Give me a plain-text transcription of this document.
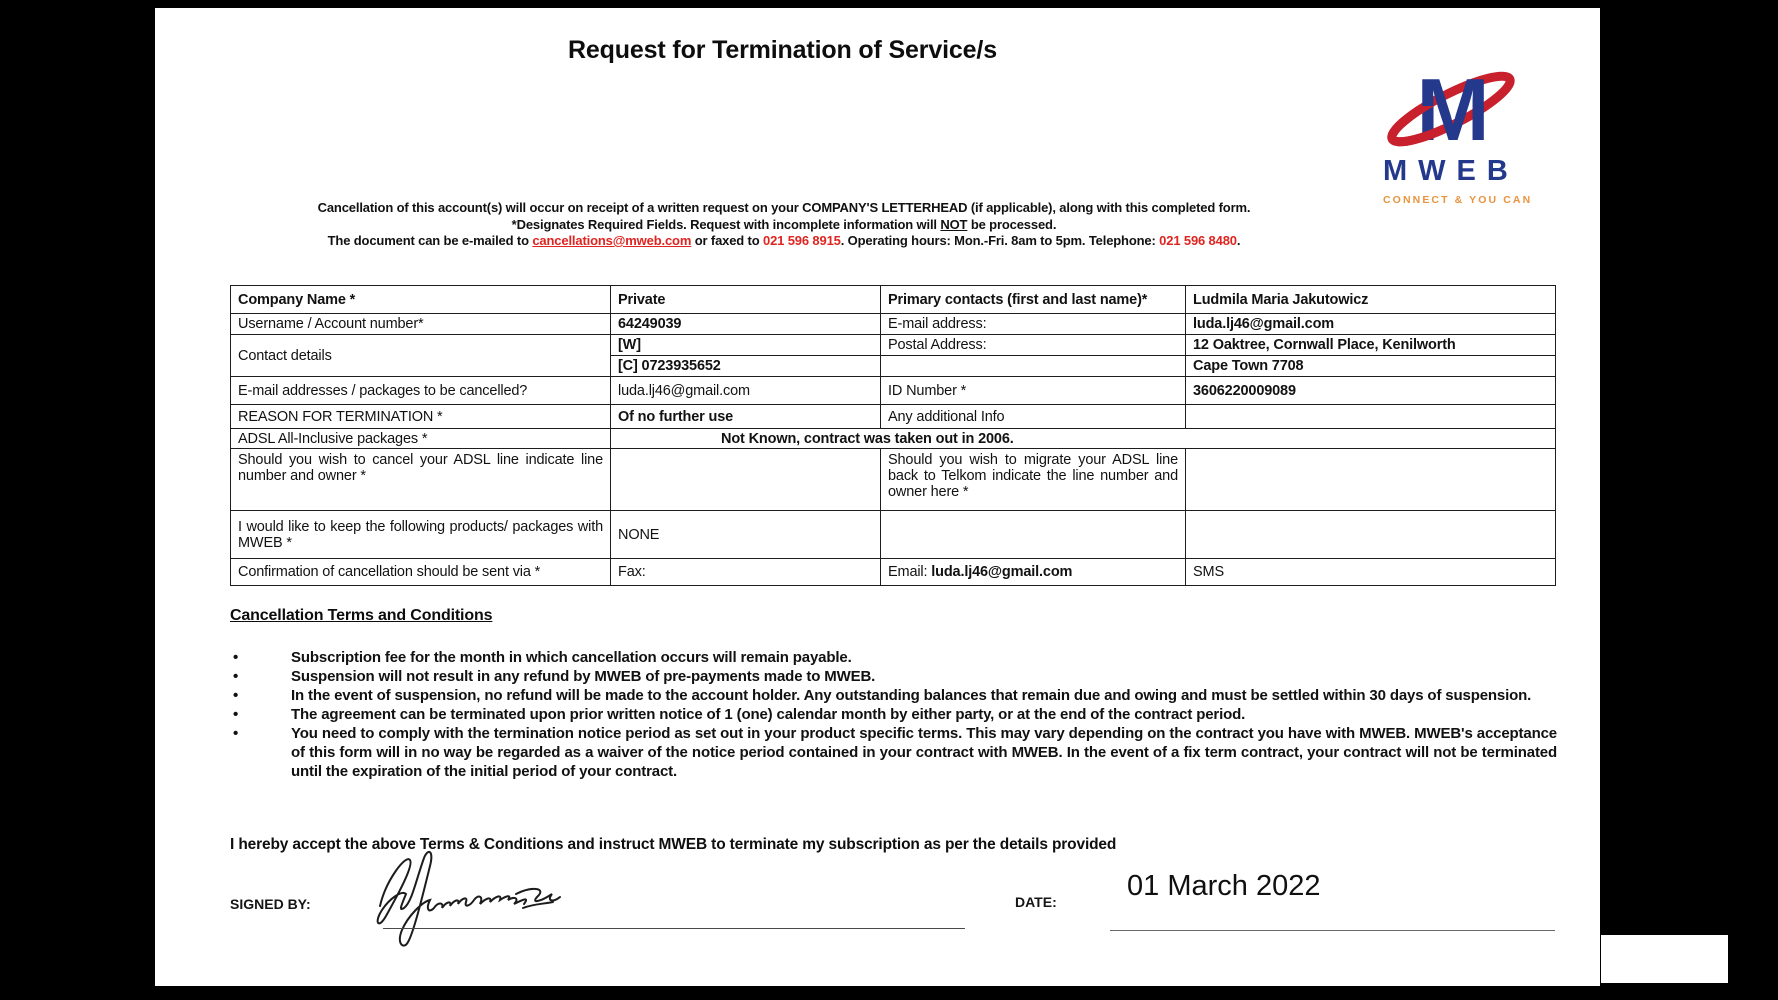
Request for Termination of Service/s
M
MWEB
CONNECT & YOU CAN
Cancellation of this account(s) will occur on receipt of a written request on your COMPANY'S LETTERHEAD (if applicable), along with this completed form.
*Designates Required Fields. Request with incomplete information will NOT be processed.
The document can be e-mailed to cancellations@mweb.com or faxed to 021 596 8915. Operating hours: Mon.-Fri. 8am to 5pm. Telephone: 021 596 8480.
Company Name *	Private	Primary contacts (first and last name)*	Ludmila Maria Jakutowicz
Username / Account number*	64249039	E-mail address:	luda.lj46@gmail.com
Contact details	[W]	Postal Address:	12 Oaktree, Cornwall Place, Kenilworth
	[C] 0723935652		Cape Town 7708
E-mail addresses / packages to be cancelled?	luda.lj46@gmail.com	ID Number *	3606220009089
REASON FOR TERMINATION *	Of no further use	Any additional Info	
ADSL All-Inclusive packages *	Not Known, contract was taken out in 2006.		
Should you wish to cancel your ADSL line indicate line number and owner *		Should you wish to migrate your ADSL line back to Telkom indicate the line number and owner here *	
I would like to keep the following products/ packages with MWEB *	NONE		
Confirmation of cancellation should be sent via *	Fax:	Email: luda.lj46@gmail.com	SMS
Cancellation Terms and Conditions
•	Subscription fee for the month in which cancellation occurs will remain payable.
•	Suspension will not result in any refund by MWEB of pre-payments made to MWEB.
•	In the event of suspension, no refund will be made to the account holder. Any outstanding balances that remain due and owing and must be settled within 30 days of suspension.
•	The agreement can be terminated upon prior written notice of 1 (one) calendar month by either party, or at the end of the contract period.
•	You need to comply with the termination notice period as set out in your product specific terms. This may vary depending on the contract you have with MWEB. MWEB's acceptance of this form will in no way be regarded as a waiver of the notice period contained in your contract with MWEB. In the event of a fix term contract, your contract will not be terminated until the expiration of the initial period of your contract.
I hereby accept the above Terms & Conditions and instruct MWEB to terminate my subscription as per the details provided
SIGNED BY:	DATE: 01 March 2022
